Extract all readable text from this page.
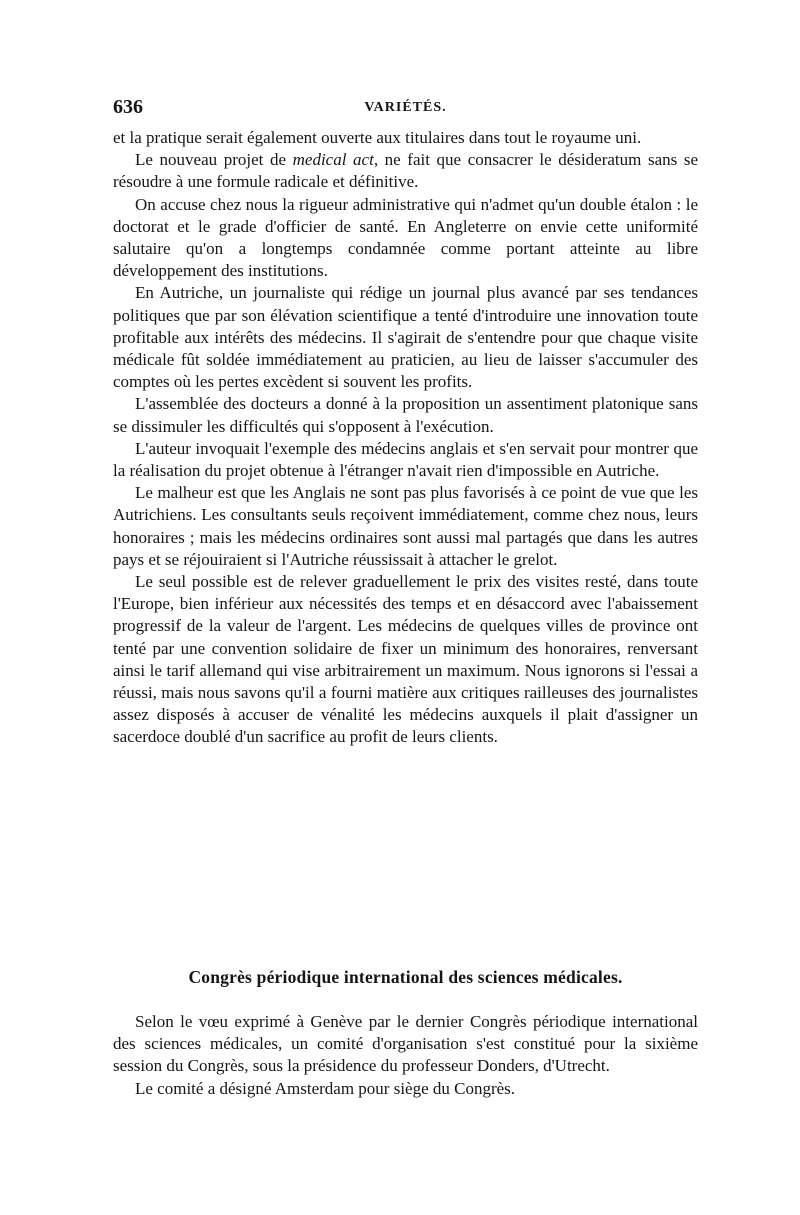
636	VARIÉTÉS.

et la pratique serait également ouverte aux titulaires dans tout le royaume uni.

Le nouveau projet de medical act, ne fait que consacrer le désideratum sans se résoudre à une formule radicale et définitive.

On accuse chez nous la rigueur administrative qui n'admet qu'un double étalon : le doctorat et le grade d'officier de santé. En Angleterre on envie cette uniformité salutaire qu'on a longtemps condamnée comme portant atteinte au libre développement des institutions.

En Autriche, un journaliste qui rédige un journal plus avancé par ses tendances politiques que par son élévation scientifique a tenté d'introduire une innovation toute profitable aux intérêts des médecins. Il s'agirait de s'entendre pour que chaque visite médicale fût soldée immédiatement au praticien, au lieu de laisser s'accumuler des comptes où les pertes excèdent si souvent les profits.

L'assemblée des docteurs a donné à la proposition un assentiment platonique sans se dissimuler les difficultés qui s'opposent à l'exécution.

L'auteur invoquait l'exemple des médecins anglais et s'en servait pour montrer que la réalisation du projet obtenue à l'étranger n'avait rien d'impossible en Autriche.

Le malheur est que les Anglais ne sont pas plus favorisés à ce point de vue que les Autrichiens. Les consultants seuls reçoivent immédiatement, comme chez nous, leurs honoraires ; mais les médecins ordinaires sont aussi mal partagés que dans les autres pays et se réjouiraient si l'Autriche réussissait à attacher le grelot.

Le seul possible est de relever graduellement le prix des visites resté, dans toute l'Europe, bien inférieur aux nécessités des temps et en désaccord avec l'abaissement progressif de la valeur de l'argent. Les médecins de quelques villes de province ont tenté par une convention solidaire de fixer un minimum des honoraires, renversant ainsi le tarif allemand qui vise arbitrairement un maximum. Nous ignorons si l'essai a réussi, mais nous savons qu'il a fourni matière aux critiques railleuses des journalistes assez disposés à accuser de vénalité les médecins auxquels il plait d'assigner un sacerdoce doublé d'un sacrifice au profit de leurs clients.

Congrès périodique international des sciences médicales.

Selon le vœu exprimé à Genève par le dernier Congrès périodique international des sciences médicales, un comité d'organisation s'est constitué pour la sixième session du Congrès, sous la présidence du professeur Donders, d'Utrecht.

Le comité a désigné Amsterdam pour siège du Congrès.
